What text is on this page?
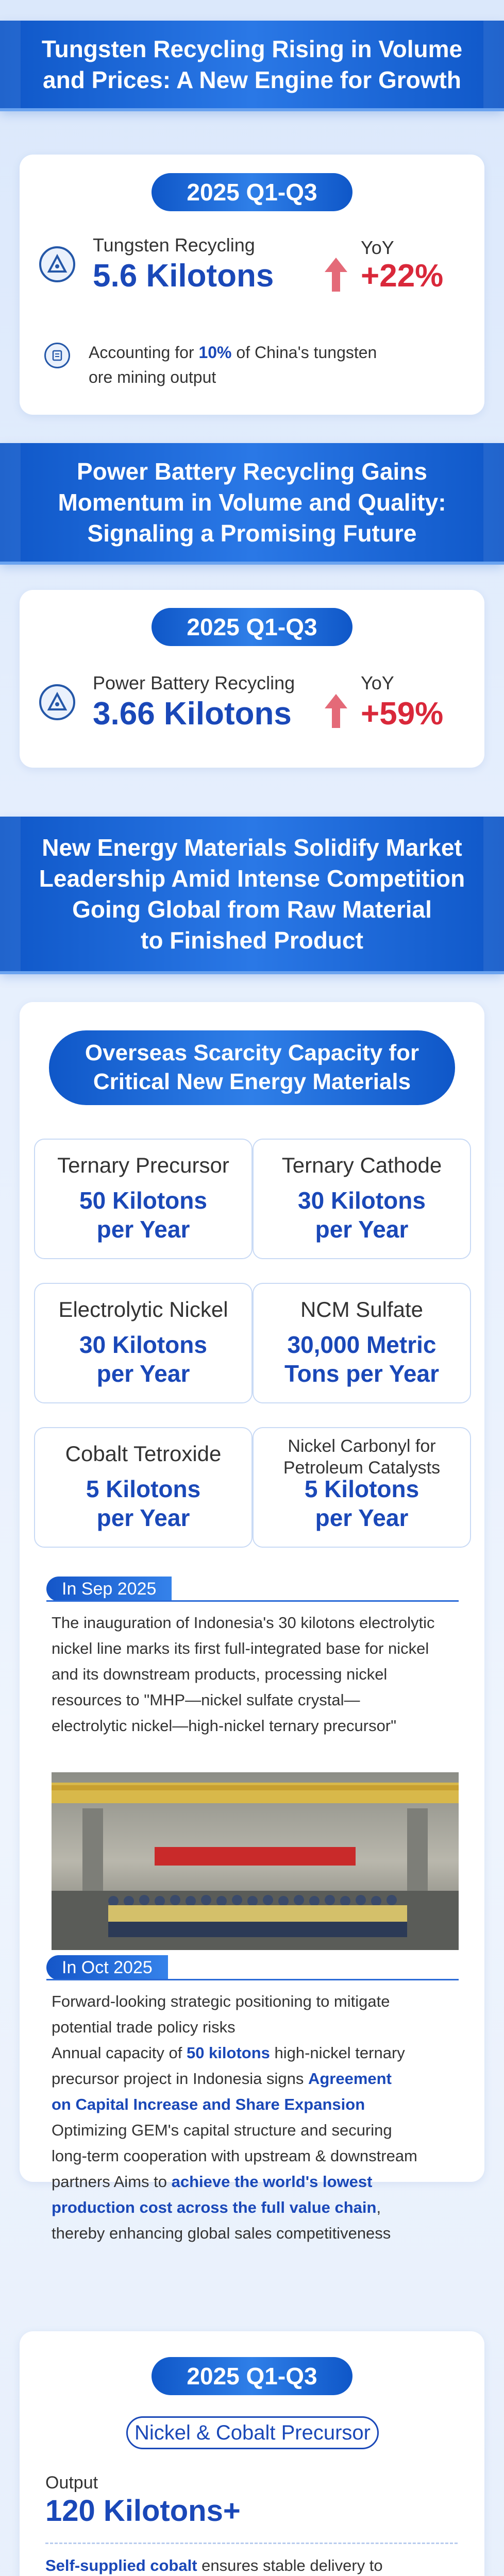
Tungsten Recycling Rising in Volume
and Prices: A New Engine for Growth
2025 Q1-Q3
Tungsten Recycling
5.6 Kilotons
YoY
+22%
Accounting for 10% of China's tungsten
ore mining output
Power Battery Recycling Gains
Momentum in Volume and Quality:
Signaling a Promising Future
2025 Q1-Q3
Power Battery Recycling
3.66 Kilotons
YoY
+59%
New Energy Materials Solidify Market
Leadership Amid Intense Competition
Going Global from Raw Material
to Finished Product
Overseas Scarcity Capacity for
Critical New Energy Materials
Ternary Precursor
50 Kilotons
per Year
Ternary Cathode
30 Kilotons
per Year
Electrolytic Nickel
30 Kilotons
per Year
NCM Sulfate
30,000 Metric
Tons per Year
Cobalt Tetroxide
5 Kilotons
per Year
Nickel Carbonyl for
Petroleum Catalysts
5 Kilotons
per Year
In Sep 2025
The inauguration of Indonesia's 30 kilotons electrolytic
nickel line marks its first full-integrated base for nickel
and its downstream products, processing nickel
resources to "MHP—nickel sulfate crystal—
electrolytic nickel—high-nickel ternary precursor"
In Oct 2025
Forward-looking strategic positioning to mitigate
potential trade policy risks
Annual capacity of 50 kilotons high-nickel ternary
precursor project in Indonesia signs Agreement
on Capital Increase and Share Expansion
Optimizing GEM's capital structure and securing
long-term cooperation with upstream & downstream
partners Aims to achieve the world's lowest
production cost across the full value chain,
thereby enhancing global sales competitiveness
2025 Q1-Q3
Nickel & Cobalt Precursor
Output
120 Kilotons+
Self-supplied cobalt ensures stable delivery to
